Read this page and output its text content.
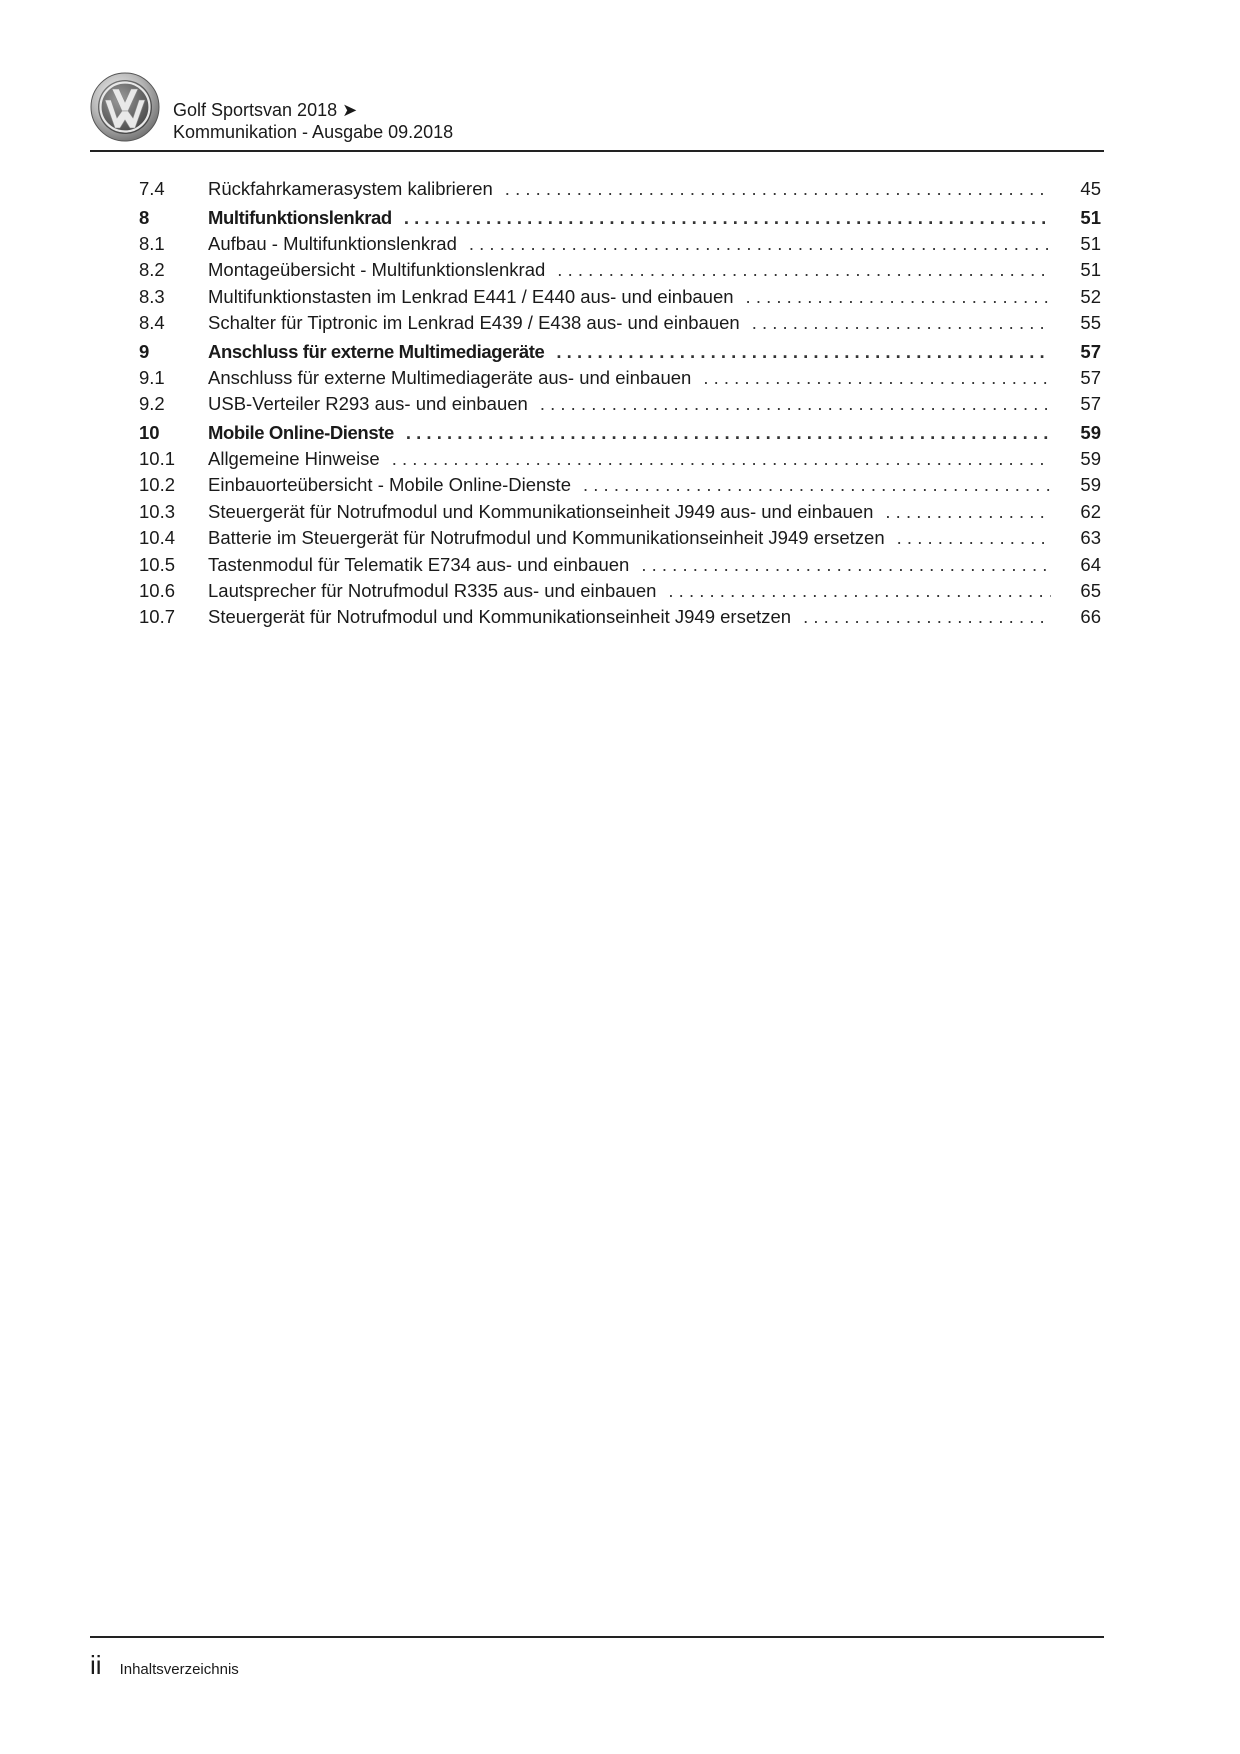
Golf Sportsvan 2018 ➤
Kommunikation - Ausgabe 09.2018
7.4	Rückfahrkamerasystem kalibrieren . . .	45
8	Multifunktionslenkrad . . .	51
8.1	Aufbau - Multifunktionslenkrad . . .	51
8.2	Montageübersicht - Multifunktionslenkrad . . .	51
8.3	Multifunktionstasten im Lenkrad E441 / E440 aus- und einbauen . . .	52
8.4	Schalter für Tiptronic im Lenkrad E439 / E438 aus- und einbauen . . .	55
9	Anschluss für externe Multimediageräte . . .	57
9.1	Anschluss für externe Multimediageräte aus- und einbauen . . .	57
9.2	USB-Verteiler R293 aus- und einbauen . . .	57
10	Mobile Online-Dienste . . .	59
10.1	Allgemeine Hinweise . . .	59
10.2	Einbauorteübersicht - Mobile Online-Dienste . . .	59
10.3	Steuergerät für Notrufmodul und Kommunikationseinheit J949 aus- und einbauen . . .	62
10.4	Batterie im Steuergerät für Notrufmodul und Kommunikationseinheit J949 ersetzen . . .	63
10.5	Tastenmodul für Telematik E734 aus- und einbauen . . .	64
10.6	Lautsprecher für Notrufmodul R335 aus- und einbauen . . .	65
10.7	Steuergerät für Notrufmodul und Kommunikationseinheit J949 ersetzen . . .	66
ii Inhaltsverzeichnis
